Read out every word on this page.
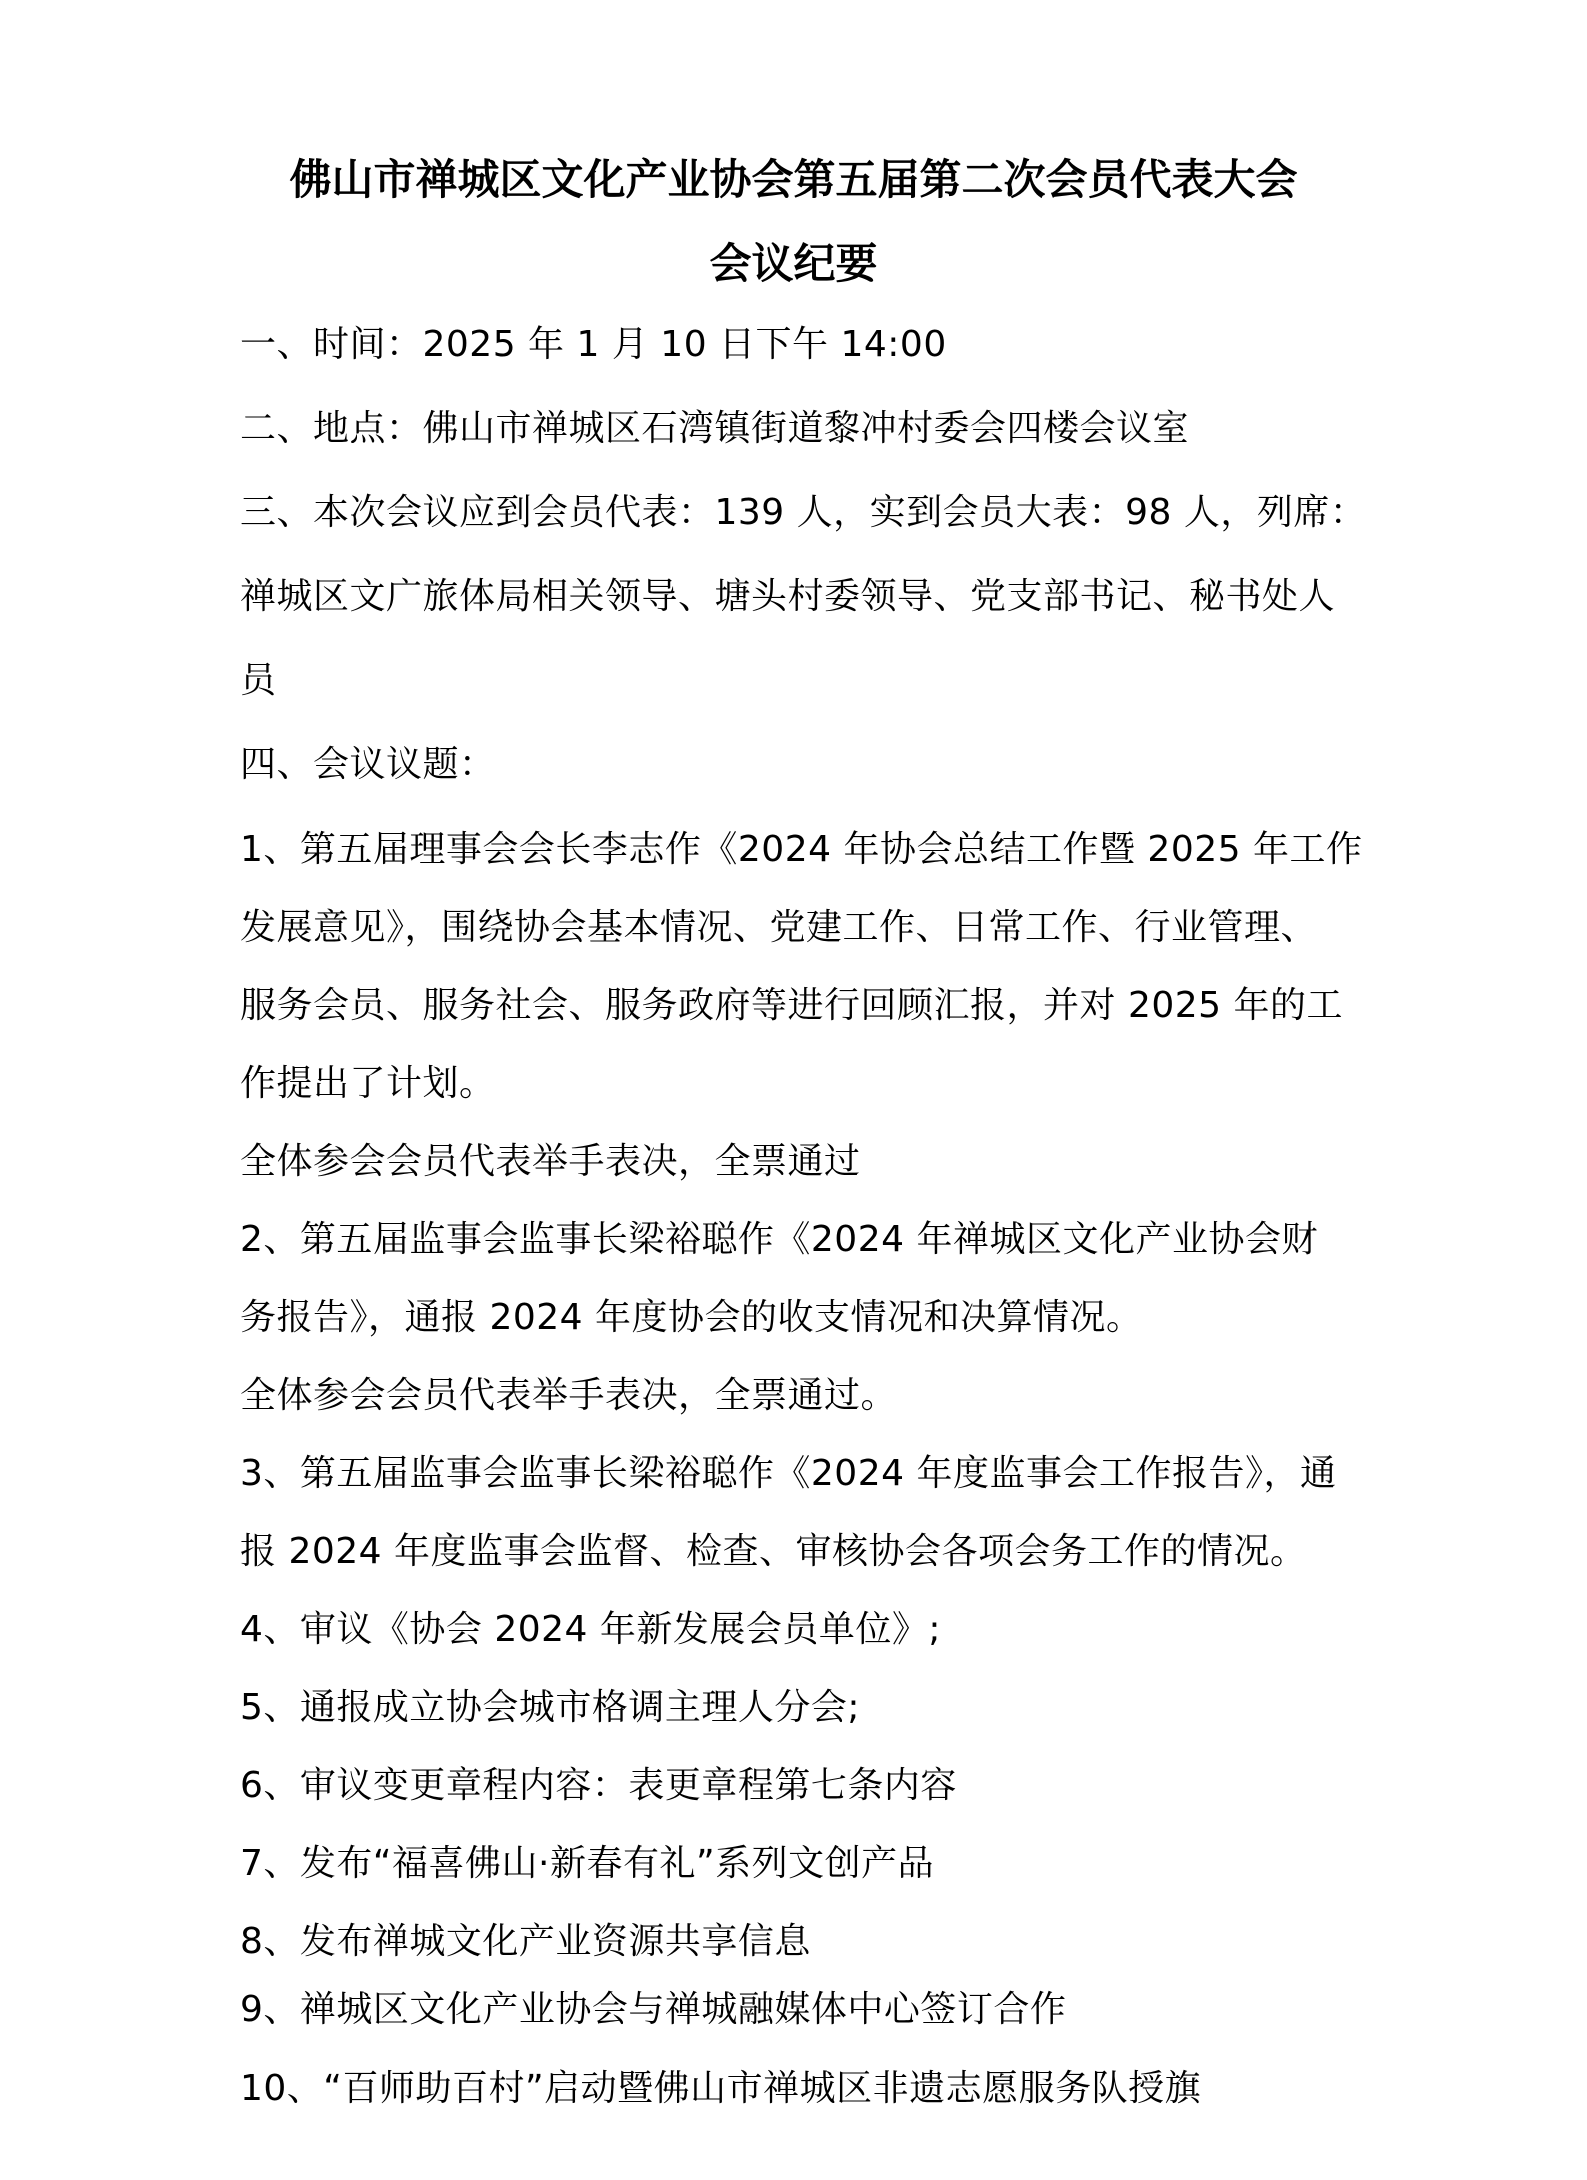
佛山市禅城区文化产业协会第五届第二次会员代表大会
会议纪要
一、时间：2025 年 1 月 10 日下午 14:00
二、地点：佛山市禅城区石湾镇街道黎冲村委会四楼会议室
三、本次会议应到会员代表：139 人，实到会员大表：98 人，列席：
禅城区文广旅体局相关领导、塘头村委领导、党支部书记、秘书处人
员
四、会议议题：
1、第五届理事会会长李志作《2024 年协会总结工作暨 2025 年工作
发展意见》，围绕协会基本情况、党建工作、日常工作、行业管理、
服务会员、服务社会、服务政府等进行回顾汇报，并对 2025 年的工
作提出了计划。
全体参会会员代表举手表决，全票通过
2、第五届监事会监事长梁裕聪作《2024 年禅城区文化产业协会财
务报告》，通报 2024 年度协会的收支情况和决算情况。
全体参会会员代表举手表决，全票通过。
3、第五届监事会监事长梁裕聪作《2024 年度监事会工作报告》，通
报 2024 年度监事会监督、检查、审核协会各项会务工作的情况。
4、审议《协会 2024 年新发展会员单位》;
5、通报成立协会城市格调主理人分会;
6、审议变更章程内容：表更章程第七条内容
7、发布“福喜佛山·新春有礼”系列文创产品
8、发布禅城文化产业资源共享信息
9、禅城区文化产业协会与禅城融媒体中心签订合作
10、“百师助百村”启动暨佛山市禅城区非遗志愿服务队授旗
